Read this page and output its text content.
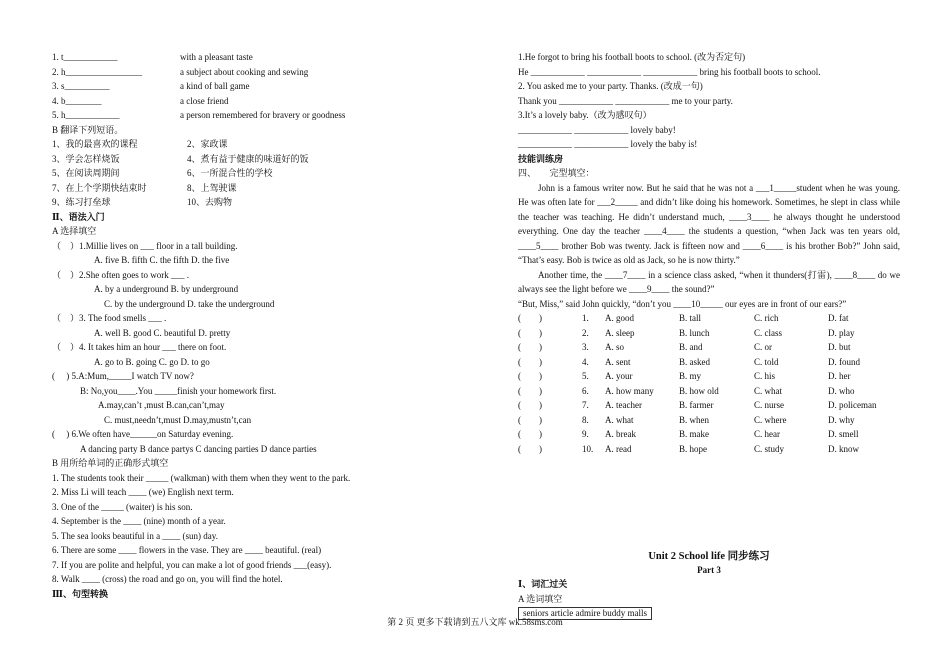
1. t____________	with a pleasant taste
2. h_________________	a subject about cooking and sewing
3. s__________	a kind of ball game
4. b________	a close friend
5. h____________	a person remembered for bravery or goodness
B 翻译下列短语。
1、我的最喜欢的课程	2、家政课
3、学会怎样烧饭	4、煮有益于健康的味道好的饭
5、在阅读周期间	6、一所混合性的学校
7、在上个学期快结束时	8、上驾驶课
9、练习打垒球	10、去购物
Ⅱ、语法入门
A 选择填空
（　）1.Millie lives on ___ floor in a tall building.
A. five B. fifth C. the fifth D. the five
（　）2.She often goes to work ___ .
A. by a underground B. by underground
C. by the underground D. take the underground
（　）3. The food smells ___ .
A. well B. good C. beautiful D. pretty
（　）4. It takes him an hour ___ there on foot.
A. go to B. going C. go D. to go
(　 ) 5.A:Mum,_____I watch TV now?
B: No,you____.You _____finish your homework first.
A.may,can’t ,must B.can,can’t,may
C. must,needn’t,must D.may,mustn’t,can
(　 ) 6.We often have______on Saturday evening.
A dancing party B dance partys C dancing parties D dance parties
B 用所给单词的正确形式填空
1. The students took their _____ (walkman) with them when they went to the park.
2. Miss Li will teach ____ (we) English next term.
3. One of the _____ (waiter) is his son.
4. September is the ____ (nine) month of a year.
5. The sea looks beautiful in a ____ (sun) day.
6. There are some ____ flowers in the vase. They are ____ beautiful. (real)
7. If you are polite and helpful, you can make a lot of good friends ___(easy).
8. Walk ____ (cross) the road and go on, you will find the hotel.
Ⅲ、句型转换
1.He forgot to bring his football boots to school. (改为否定句)
He ____________ ____________ ____________ bring his football boots to school.
2. You asked me to your party. Thanks. (改成一句)
Thank you ____________ ____________ me to your party.
3.It’s a lovely baby.（改为感叹句）
____________ ____________ lovely baby!
____________ ____________ lovely the baby is!
技能训练房
四、　　完型填空：
John is a famous writer now. But he said that he was not a ___1_____student when he was young. He was often late for ___2_____ and didn’t like doing his homework. Sometimes, he slept in class while the teacher was teaching. He didn’t understand much, ____3____ he always thought he understood everything. One day the teacher ____4____ the students a question, “when Jack was ten years old, ____5____ brother Bob was twenty. Jack is fifteen now and ____6____ is his brother Bob?” John said, “That’s easy. Bob is twice as old as Jack, so he is now thirty.”
Another time, the ____7____ in a science class asked, “when it thunders(打雷), ____8____ do we always see the light before we ____9____ the sound?”
“But, Miss,” said John quickly, “don’t you ____10_____ our eyes are in front of our ears?”
(　　)	1.	A. good	B. tall	C. rich	D. fat
(　　)	2.	A. sleep	B. lunch	C. class	D. play
(　　)	3.	A. so	B. and	C. or	D. but
(　　)	4.	A. sent	B. asked	C. told	D. found
(　　)	5.	A. your	B. my	C. his	D. her
(　　)	6.	A. how many	B. how old	C. what	D. who
(　　)	7.	A. teacher	B. farmer	C. nurse	D. policeman
(　　)	8.	A. what	B. when	C. where	D. why
(　　)	9.	A. break	B. make	C. hear	D. smell
(　　)	10.	A. read	B. hope	C. study	D. know
Unit 2 School life 同步练习
Part 3
Ⅰ、词汇过关
A 选词填空
seniors article admire buddy malls
第 2 页 更多下载请到五八文库 wk.58sms.com
